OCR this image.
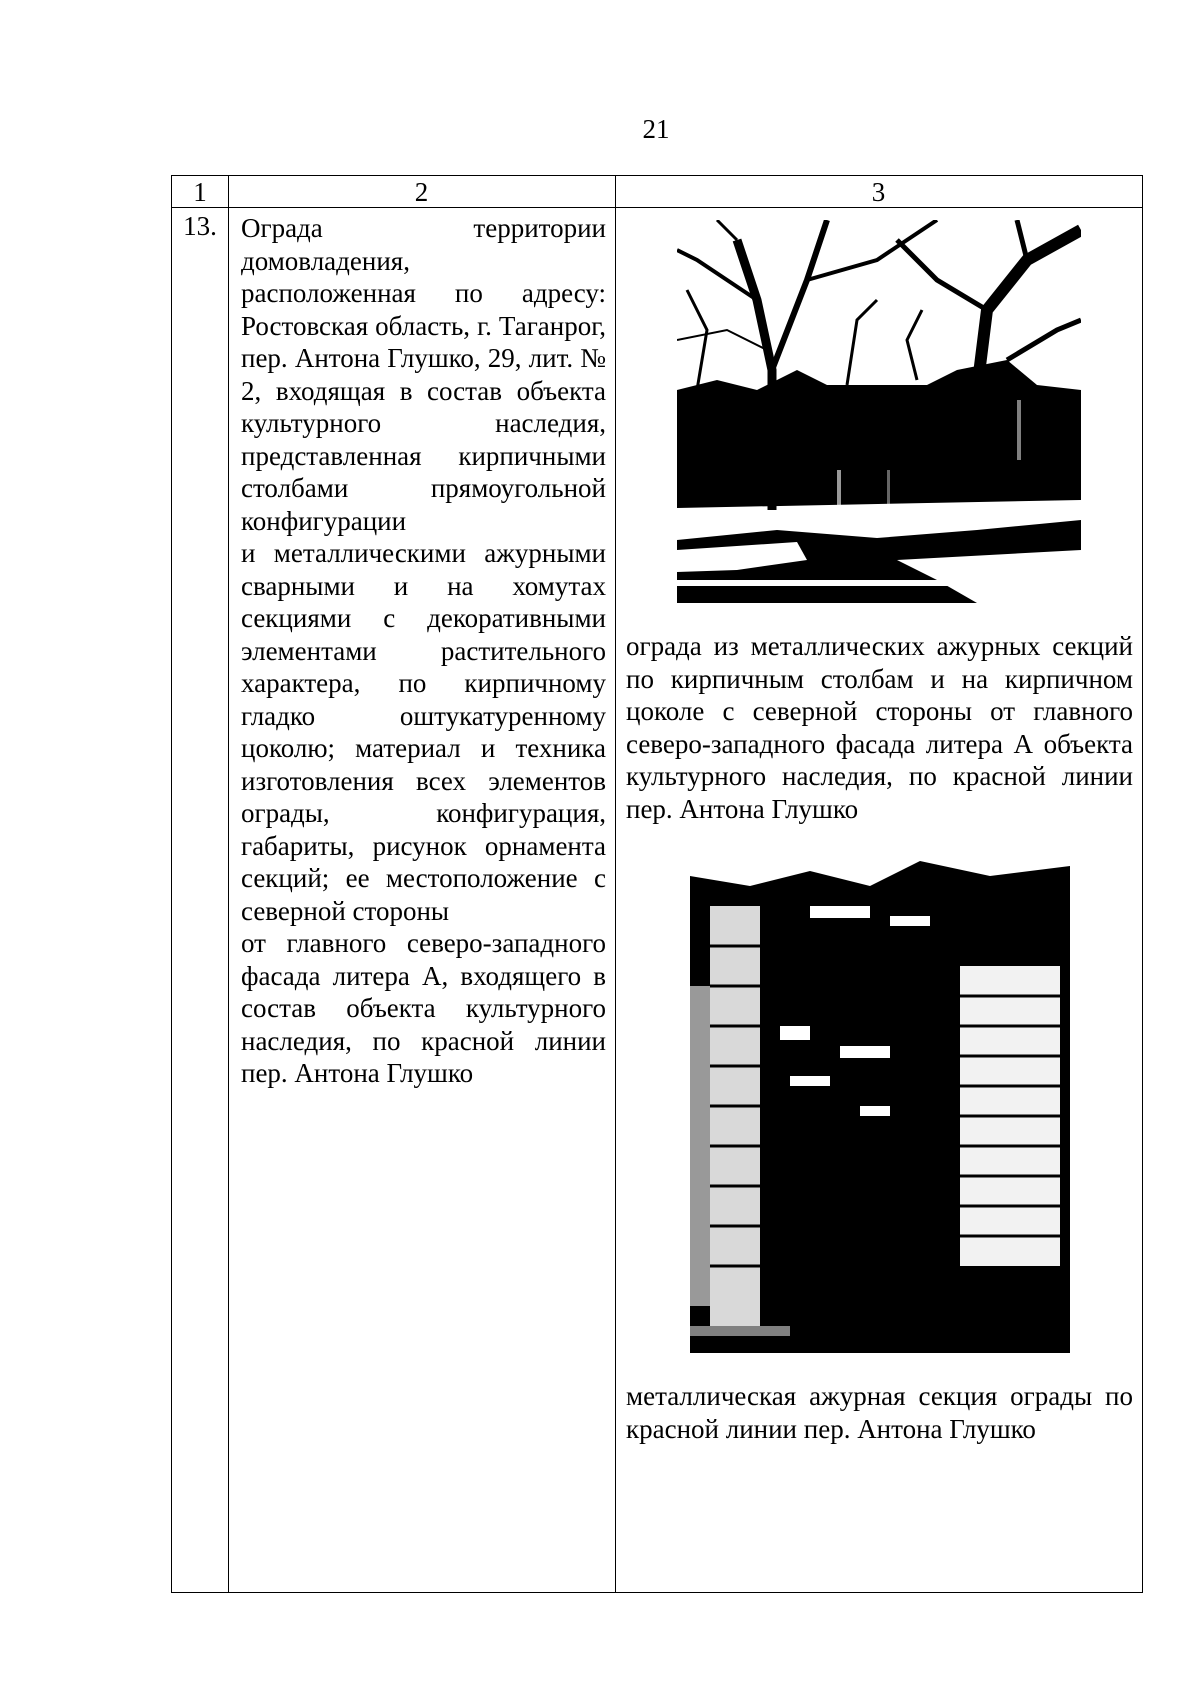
21
1	2	3
13. Ограда территории

домовладения,

расположенная по адресу: Ростовская область, г. Таганрог, пер. Антона Глушко, 29, лит. № 2, входящая в состав объекта культурного наследия, представленная кирпичными столбами прямоугольной конфигурации

и металлическими ажурными сварными и на хомутах секциями с декоративными элементами растительного характера, по кирпичному гладко оштукатуренному цоколю; материал и техника изготовления всех элементов ограды, конфигурация, габариты, рисунок орнамента секций; ее местоположение с северной стороны

от главного северо-западного фасада литера А, входящего в состав объекта культурного наследия, по красной линии пер. Антона Глушко

ограда из металлических ажурных секций по кирпичным столбам и на кирпичном цоколе с северной стороны от главного северо-западного фасада литера А объекта культурного наследия, по красной линии пер. Антона Глушко
металлическая ажурная секция ограды по красной линии пер. Антона Глушко
